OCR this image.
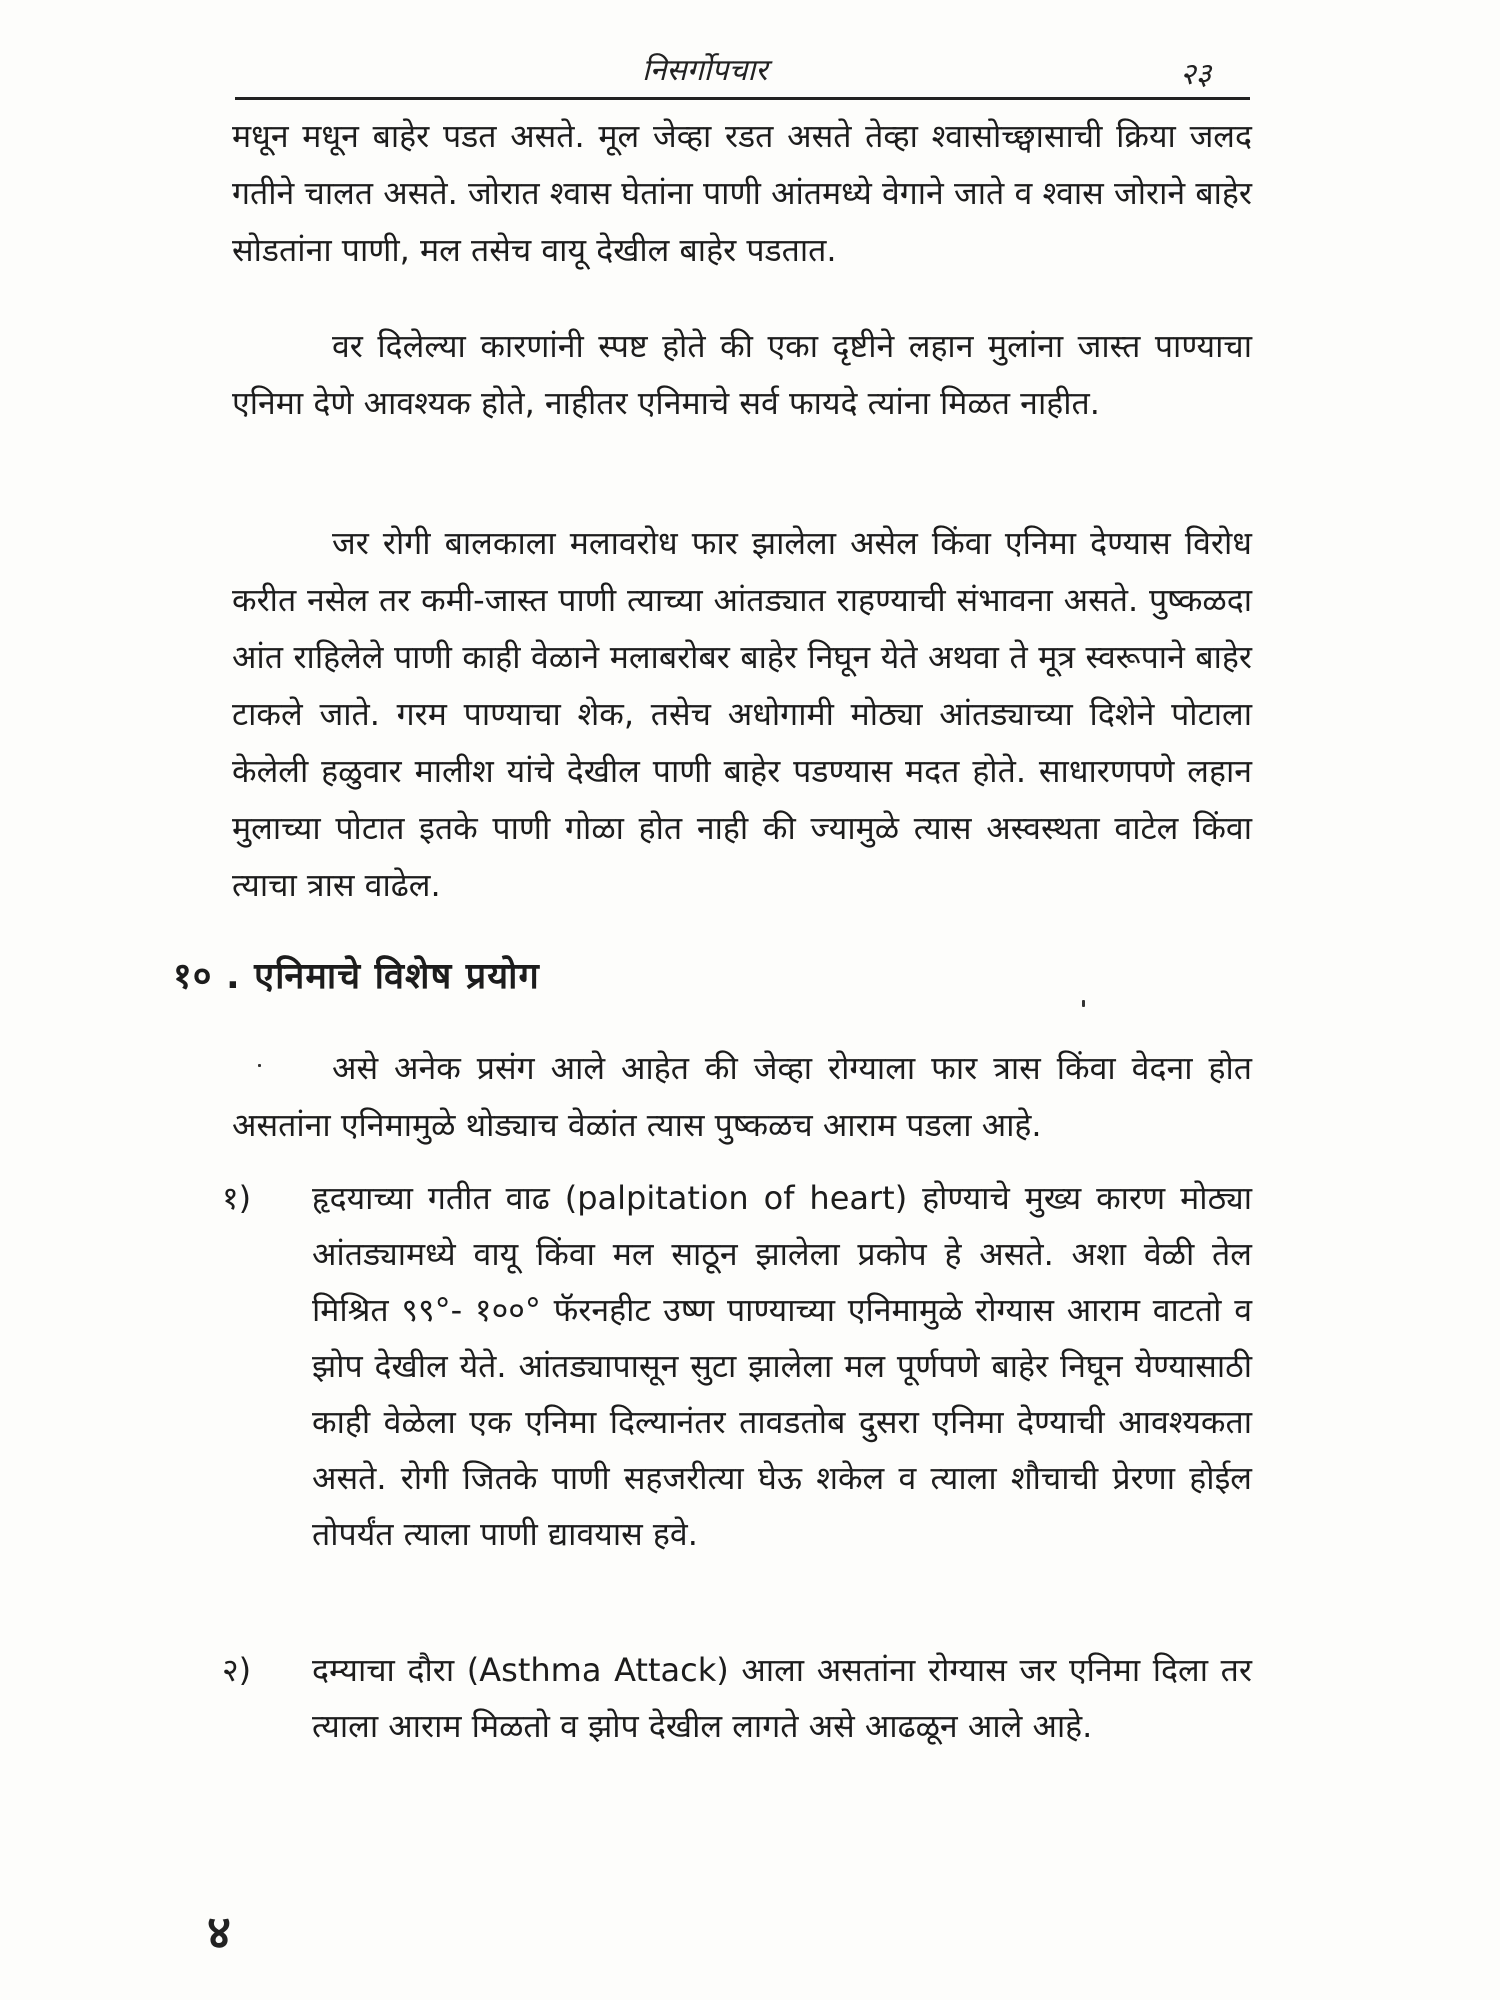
निसर्गोपचार	२३

मधून मधून बाहेर पडत असते. मूल जेव्हा रडत असते तेव्हा श्वासोच्छ्वासाची क्रिया जलद गतीने चालत असते. जोरात श्वास घेतांना पाणी आंतमध्ये वेगाने जाते व श्वास जोराने बाहेर सोडतांना पाणी, मल तसेच वायू देखील बाहेर पडतात.

वर दिलेल्या कारणांनी स्पष्ट होते की एका दृष्टीने लहान मुलांना जास्त पाण्याचा एनिमा देणे आवश्यक होते, नाहीतर एनिमाचे सर्व फायदे त्यांना मिळत नाहीत.

जर रोगी बालकाला मलावरोध फार झालेला असेल किंवा एनिमा देण्यास विरोध करीत नसेल तर कमी-जास्त पाणी त्याच्या आंतड्यात राहण्याची संभावना असते. पुष्कळदा आंत राहिलेले पाणी काही वेळाने मलाबरोबर बाहेर निघून येते अथवा ते मूत्र स्वरूपाने बाहेर टाकले जाते. गरम पाण्याचा शेक, तसेच अधोगामी मोठ्या आंतड्याच्या दिशेने पोटाला केलेली हळुवार मालीश यांचे देखील पाणी बाहेर पडण्यास मदत होते. साधारणपणे लहान मुलाच्या पोटात इतके पाणी गोळा होत नाही की ज्यामुळे त्यास अस्वस्थता वाटेल किंवा त्याचा त्रास वाढेल.

१० . एनिमाचे विशेष प्रयोग

असे अनेक प्रसंग आले आहेत की जेव्हा रोग्याला फार त्रास किंवा वेदना होत असतांना एनिमामुळे थोड्याच वेळांत त्यास पुष्कळच आराम पडला आहे.

१)	हृदयाच्या गतीत वाढ (palpitation of heart) होण्याचे मुख्य कारण मोठ्या आंतड्यामध्ये वायू किंवा मल साठून झालेला प्रकोप हे असते. अशा वेळी तेल मिश्रित ९९°- १००° फॅरनहीट उष्ण पाण्याच्या एनिमामुळे रोग्यास आराम वाटतो व झोप देखील येते. आंतड्यापासून सुटा झालेला मल पूर्णपणे बाहेर निघून येण्यासाठी काही वेळेला एक एनिमा दिल्यानंतर तावडतोब दुसरा एनिमा देण्याची आवश्यकता असते. रोगी जितके पाणी सहजरीत्या घेऊ शकेल व त्याला शौचाची प्रेरणा होईल तोपर्यंत त्याला पाणी द्यावयास हवे.
२)	दम्याचा दौरा (Asthma Attack) आला असतांना रोग्यास जर एनिमा दिला तर त्याला आराम मिळतो व झोप देखील लागते असे आढळून आले आहे.
४
